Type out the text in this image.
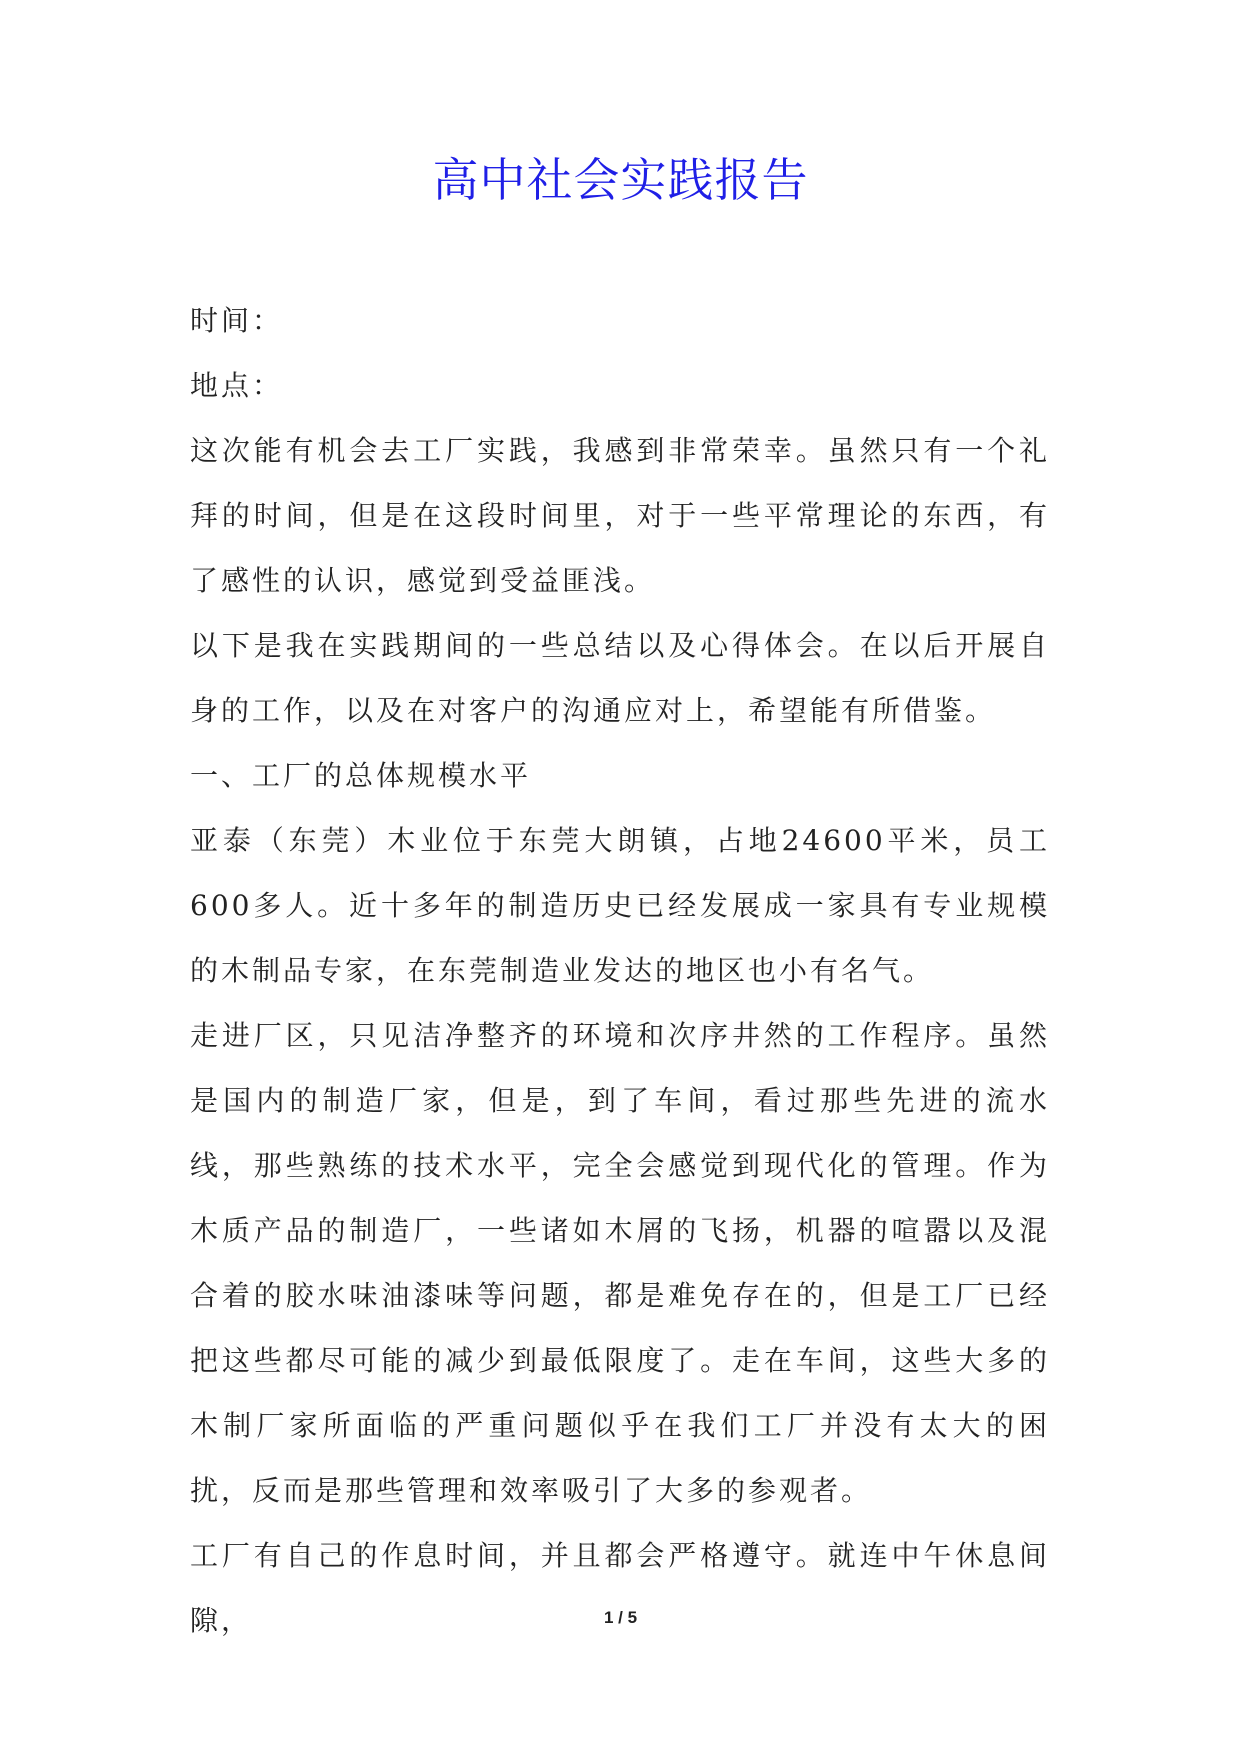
高中社会实践报告

时间：

地点：

这次能有机会去工厂实践，我感到非常荣幸。虽然只有一个礼拜的时间，但是在这段时间里，对于一些平常理论的东西，有了感性的认识，感觉到受益匪浅。

以下是我在实践期间的一些总结以及心得体会。在以后开展自身的工作，以及在对客户的沟通应对上，希望能有所借鉴。

一、工厂的总体规模水平

亚泰（东莞）木业位于东莞大朗镇，占地24600平米，员工600多人。近十多年的制造历史已经发展成一家具有专业规模的木制品专家，在东莞制造业发达的地区也小有名气。

走进厂区，只见洁净整齐的环境和次序井然的工作程序。虽然是国内的制造厂家，但是，到了车间，看过那些先进的流水线，那些熟练的技术水平，完全会感觉到现代化的管理。作为木质产品的制造厂，一些诸如木屑的飞扬，机器的喧嚣以及混合着的胶水味油漆味等问题，都是难免存在的，但是工厂已经把这些都尽可能的减少到最低限度了。走在车间，这些大多的木制厂家所面临的严重问题似乎在我们工厂并没有太大的困扰，反而是那些管理和效率吸引了大多的参观者。

工厂有自己的作息时间，并且都会严格遵守。就连中午休息间隙，	1 / 5
